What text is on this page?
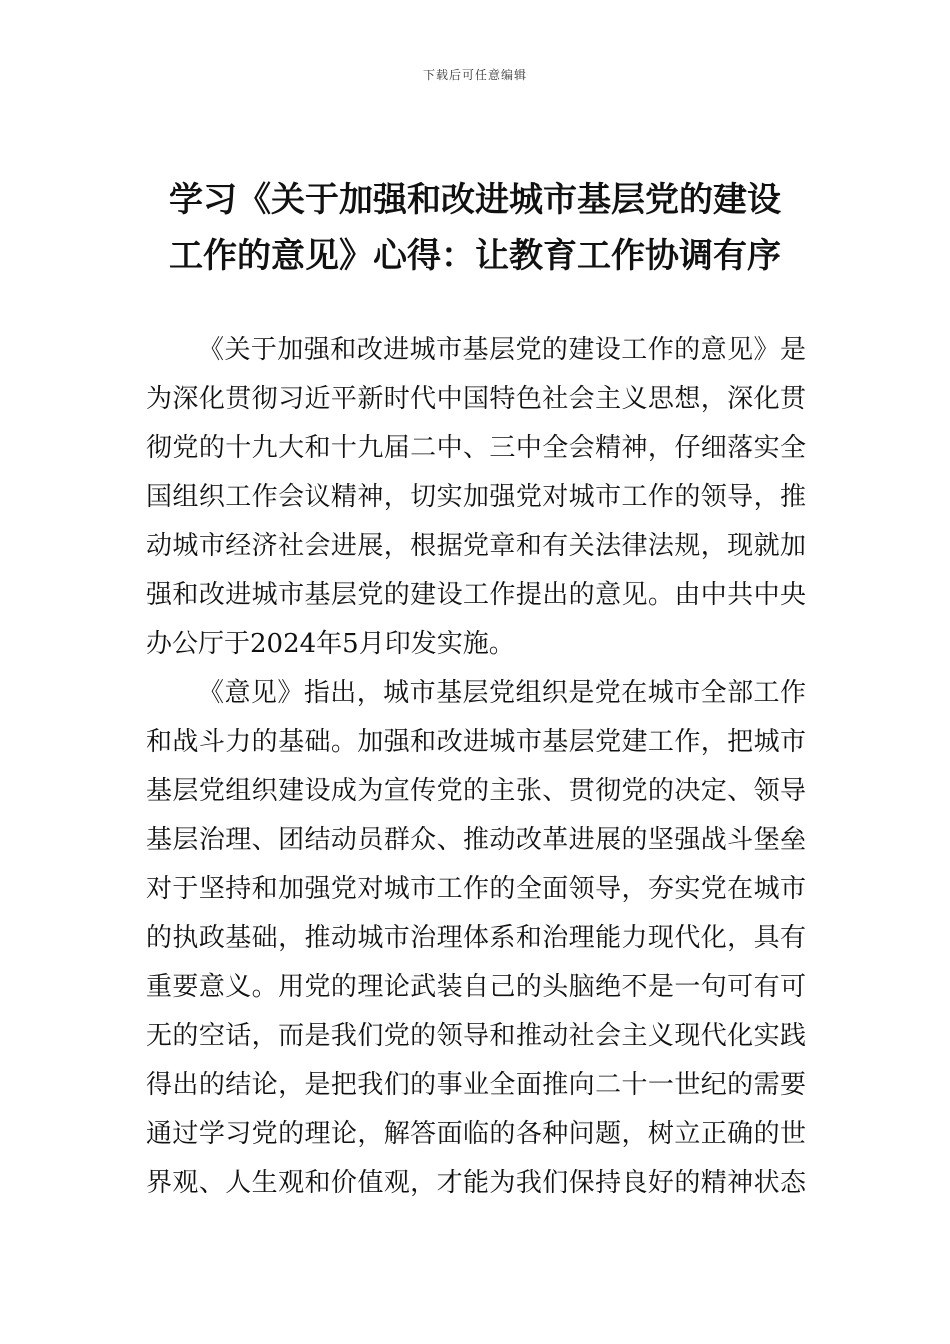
下载后可任意编辑
学习《关于加强和改进城市基层党的建设
工作的意见》心得：让教育工作协调有序
《关于加强和改进城市基层党的建设工作的意见》是
为深化贯彻习近平新时代中国特色社会主义思想，深化贯
彻党的十九大和十九届二中、三中全会精神，仔细落实全
国组织工作会议精神，切实加强党对城市工作的领导，推
动城市经济社会进展，根据党章和有关法律法规，现就加
强和改进城市基层党的建设工作提出的意见。由中共中央
办公厅于2024年5月印发实施。
《意见》指出，城市基层党组织是党在城市全部工作
和战斗力的基础。加强和改进城市基层党建工作，把城市
基层党组织建设成为宣传党的主张、贯彻党的决定、领导
基层治理、团结动员群众、推动改革进展的坚强战斗堡垒
对于坚持和加强党对城市工作的全面领导，夯实党在城市
的执政基础，推动城市治理体系和治理能力现代化，具有
重要意义。用党的理论武装自己的头脑绝不是一句可有可
无的空话，而是我们党的领导和推动社会主义现代化实践
得出的结论，是把我们的事业全面推向二十一世纪的需要
通过学习党的理论，解答面临的各种问题，树立正确的世
界观、人生观和价值观，才能为我们保持良好的精神状态
